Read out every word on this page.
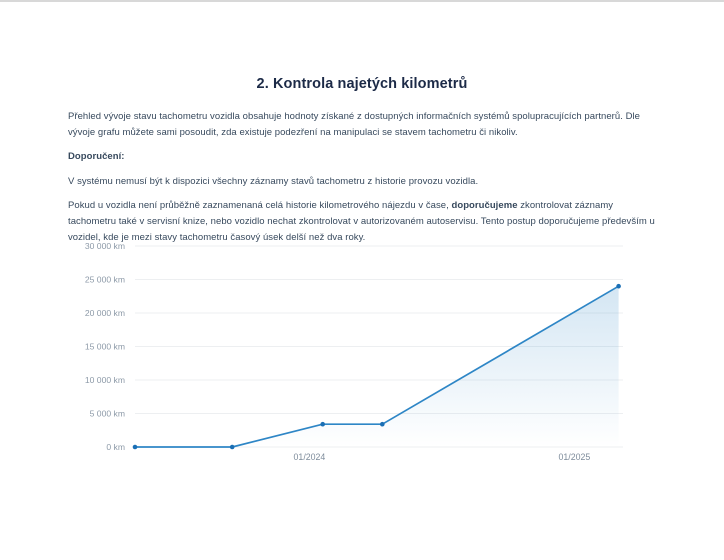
2. Kontrola najetých kilometrů

Přehled vývoje stavu tachometru vozidla obsahuje hodnoty získané z dostupných informačních systémů spolupracujících partnerů. Dle vývoje grafu můžete sami posoudit, zda existuje podezření na manipulaci se stavem tachometru či nikoliv.

Doporučení:

V systému nemusí být k dispozici všechny záznamy stavů tachometru z historie provozu vozidla.

Pokud u vozidla není průběžně zaznamenaná celá historie kilometrového nájezdu v čase, doporučujeme zkontrolovat záznamy tachometru také v servisní knize, nebo vozidlo nechat zkontrolovat v autorizovaném autoservisu. Tento postup doporučujeme především u vozidel, kde je mezi stavy tachometru časový úsek delší než dva roky.

0 km
5 000 km
10 000 km
15 000 km
20 000 km
25 000 km
30 000 km
01/2024	01/2025
